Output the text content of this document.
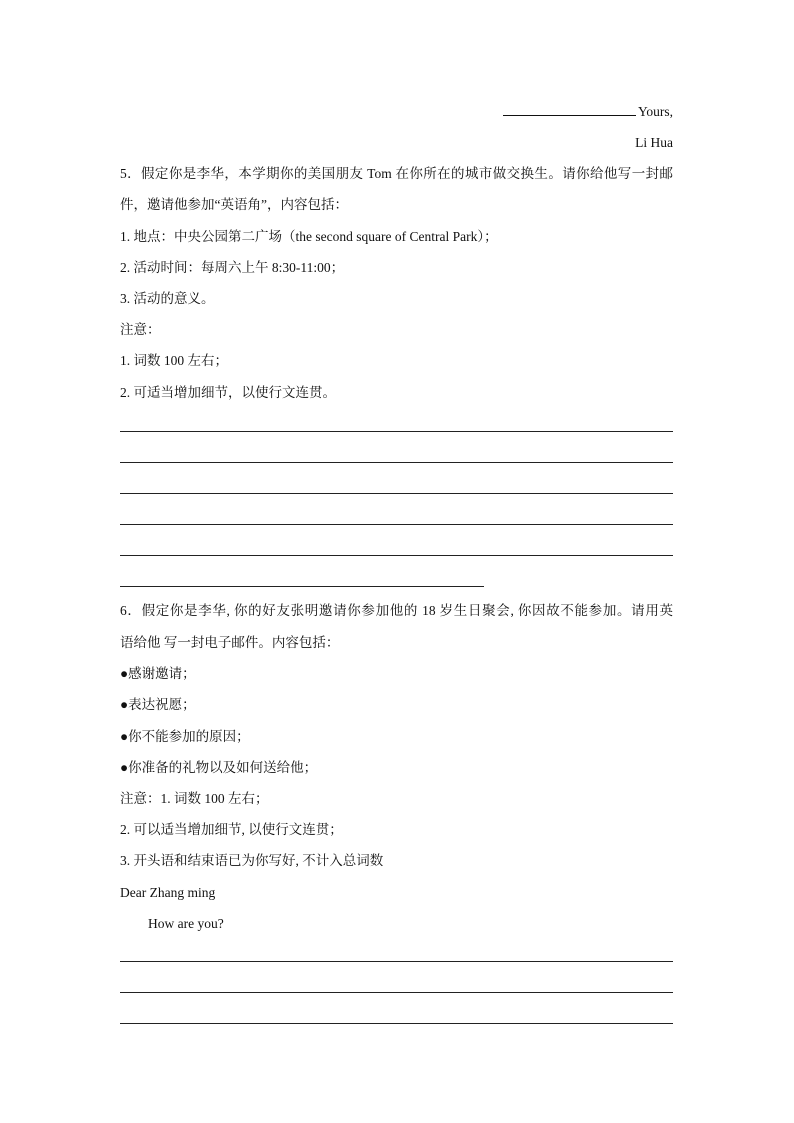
Yours,
Li Hua
5．假定你是李华，本学期你的美国朋友 Tom 在你所在的城市做交换生。请你给他写一封邮
件，邀请他参加“英语角”，内容包括：
1. 地点：中央公园第二广场（the second square of Central Park）；
2. 活动时间：每周六上午 8:30-11:00；
3. 活动的意义。
注意：
1. 词数 100 左右；
2. 可适当增加细节，以使行文连贯。
6．假定你是李华, 你的好友张明邀请你参加他的 18 岁生日聚会, 你因故不能参加。请用英
语给他 写一封电子邮件。内容包括：
●感谢邀请；
●表达祝愿；
●你不能参加的原因；
●你准备的礼物以及如何送给他；
注意：1. 词数 100 左右；
2. 可以适当增加细节, 以使行文连贯；
3. 开头语和结束语已为你写好, 不计入总词数
Dear Zhang ming
How are you?
